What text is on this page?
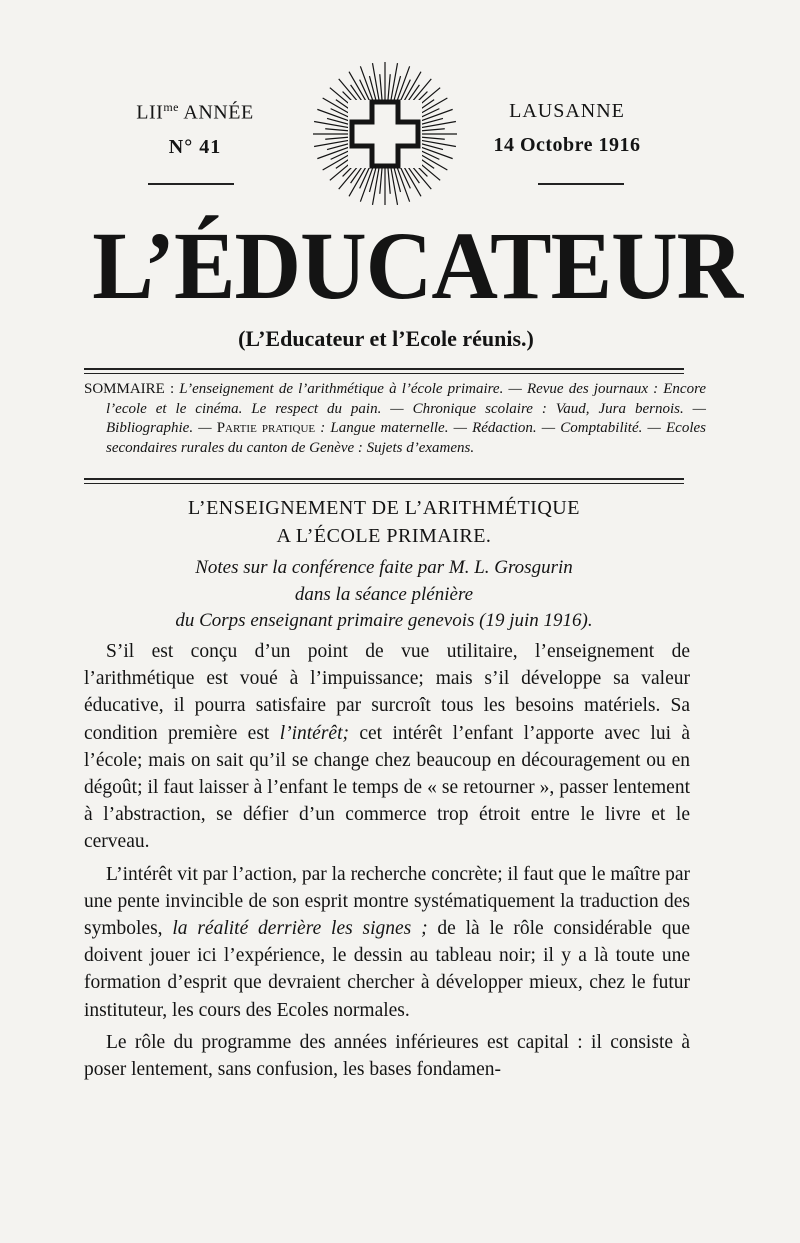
$LII^{me}$ ANNÉE
N° 41
LAUSANNE
14 Octobre 1916
L’ÉDUCATEUR
(L’Educateur et l’Ecole réunis.)
SOMMAIRE : L’enseignement de l’arithmétique à l’école primaire. — Revue des journaux : Encore l’ecole et le cinéma. Le respect du pain. — Chronique scolaire : Vaud, Jura bernois. — Bibliographie. — Partie pratique : Langue maternelle. — Rédaction. — Comptabilité. — Ecoles secondaires rurales du canton de Genève : Sujets d’examens.
L’ENSEIGNEMENT DE L’ARITHMÉTIQUE
A L’ÉCOLE PRIMAIRE.
Notes sur la conférence faite par M. L. Grosgurin
dans la séance plénière
du Corps enseignant primaire genevois (19 juin 1916).

S’il est conçu d’un point de vue utilitaire, l’enseignement de l’arithmétique est voué à l’impuissance; mais s’il développe sa valeur éducative, il pourra satisfaire par surcroît tous les besoins matériels. Sa condition première est l’intérêt; cet intérêt l’enfant l’apporte avec lui à l’école; mais on sait qu’il se change chez beaucoup en découragement ou en dégoût; il faut laisser à l’enfant le temps de « se retourner », passer lentement à l’abstraction, se défier d’un commerce trop étroit entre le livre et le cerveau.

L’intérêt vit par l’action, par la recherche concrète; il faut que le maître par une pente invincible de son esprit montre systématiquement la traduction des symboles, la réalité derrière les signes ; de là le rôle considérable que doivent jouer ici l’expérience, le dessin au tableau noir; il y a là toute une formation d’esprit que devraient chercher à développer mieux, chez le futur instituteur, les cours des Ecoles normales.

Le rôle du programme des années inférieures est capital : il consiste à poser lentement, sans confusion, les bases fondamen-
